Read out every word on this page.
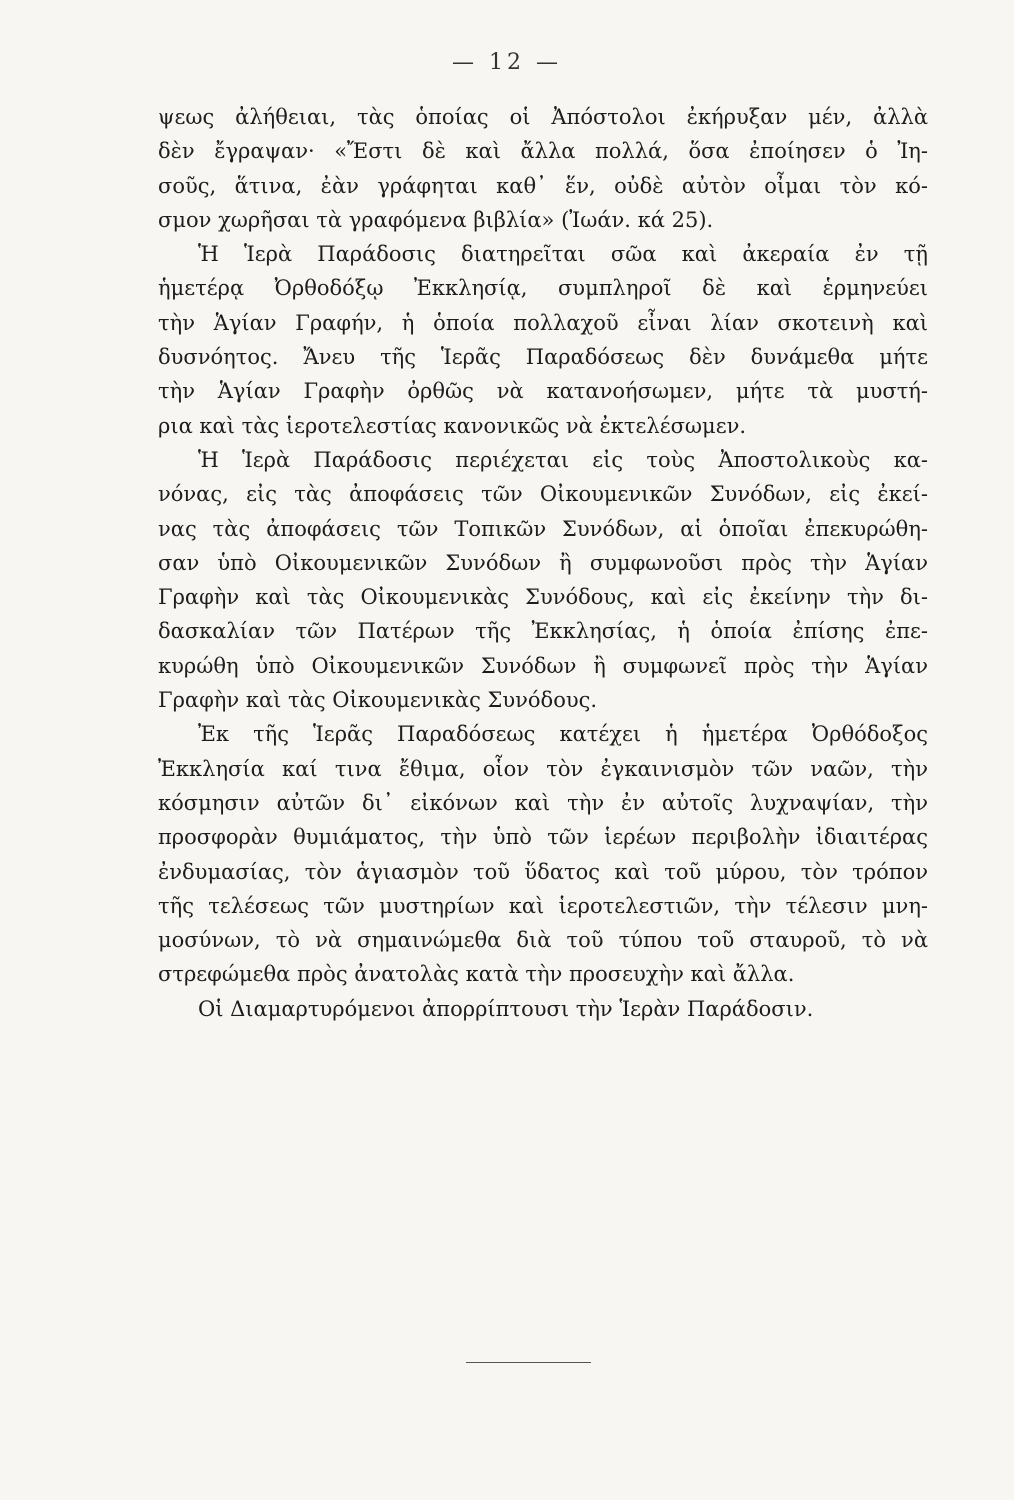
— 12 —
ψεως ἀλήθειαι, τὰς ὁποίας οἱ Ἀπόστολοι ἐκήρυξαν μέν, ἀλλὰ
δὲν ἔγραψαν· «Ἔστι δὲ καὶ ἄλλα πολλά, ὅσα ἐποίησεν ὁ Ἰη-
σοῦς, ἅτινα, ἐὰν γράφηται καθ᾽ ἕν, οὐδὲ αὐτὸν οἶμαι τὸν κό-
σμον χωρῆσαι τὰ γραφόμενα βιβλία» (Ἰωάν. κά 25).
Ἡ Ἱερὰ Παράδοσις διατηρεῖται σῶα καὶ ἀκεραία ἐν τῇ
ἡμετέρᾳ Ὀρθοδόξῳ Ἐκκλησίᾳ, συμπληροῖ δὲ καὶ ἑρμηνεύει
τὴν Ἁγίαν Γραφήν, ἡ ὁποία πολλαχοῦ εἶναι λίαν σκοτεινὴ καὶ
δυσνόητος. Ἄνευ τῆς Ἱερᾶς Παραδόσεως δὲν δυνάμεθα μήτε
τὴν Ἁγίαν Γραφὴν ὀρθῶς νὰ κατανοήσωμεν, μήτε τὰ μυστή-
ρια καὶ τὰς ἱεροτελεστίας κανονικῶς νὰ ἐκτελέσωμεν.
Ἡ Ἱερὰ Παράδοσις περιέχεται εἰς τοὺς Ἀποστολικοὺς κα-
νόνας, εἰς τὰς ἀποφάσεις τῶν Οἰκουμενικῶν Συνόδων, εἰς ἐκεί-
νας τὰς ἀποφάσεις τῶν Τοπικῶν Συνόδων, αἱ ὁποῖαι ἐπεκυρώθη-
σαν ὑπὸ Οἰκουμενικῶν Συνόδων ἢ συμφωνοῦσι πρὸς τὴν Ἁγίαν
Γραφὴν καὶ τὰς Οἰκουμενικὰς Συνόδους, καὶ εἰς ἐκείνην τὴν δι-
δασκαλίαν τῶν Πατέρων τῆς Ἐκκλησίας, ἡ ὁποία ἐπίσης ἐπε-
κυρώθη ὑπὸ Οἰκουμενικῶν Συνόδων ἢ συμφωνεῖ πρὸς τὴν Ἁγίαν
Γραφὴν καὶ τὰς Οἰκουμενικὰς Συνόδους.
Ἐκ τῆς Ἱερᾶς Παραδόσεως κατέχει ἡ ἡμετέρα Ὀρθόδοξος
Ἐκκλησία καί τινα ἔθιμα, οἷον τὸν ἐγκαινισμὸν τῶν ναῶν, τὴν
κόσμησιν αὐτῶν δι᾽ εἰκόνων καὶ τὴν ἐν αὐτοῖς λυχναψίαν, τὴν
προσφορὰν θυμιάματος, τὴν ὑπὸ τῶν ἱερέων περιβολὴν ἰδιαιτέρας
ἐνδυμασίας, τὸν ἁγιασμὸν τοῦ ὕδατος καὶ τοῦ μύρου, τὸν τρόπον
τῆς τελέσεως τῶν μυστηρίων καὶ ἱεροτελεστιῶν, τὴν τέλεσιν μνη-
μοσύνων, τὸ νὰ σημαινώμεθα διὰ τοῦ τύπου τοῦ σταυροῦ, τὸ νὰ
στρεφώμεθα πρὸς ἀνατολὰς κατὰ τὴν προσευχὴν καὶ ἄλλα.
Οἱ Διαμαρτυρόμενοι ἀπορρίπτουσι τὴν Ἱερὰν Παράδοσιν.
